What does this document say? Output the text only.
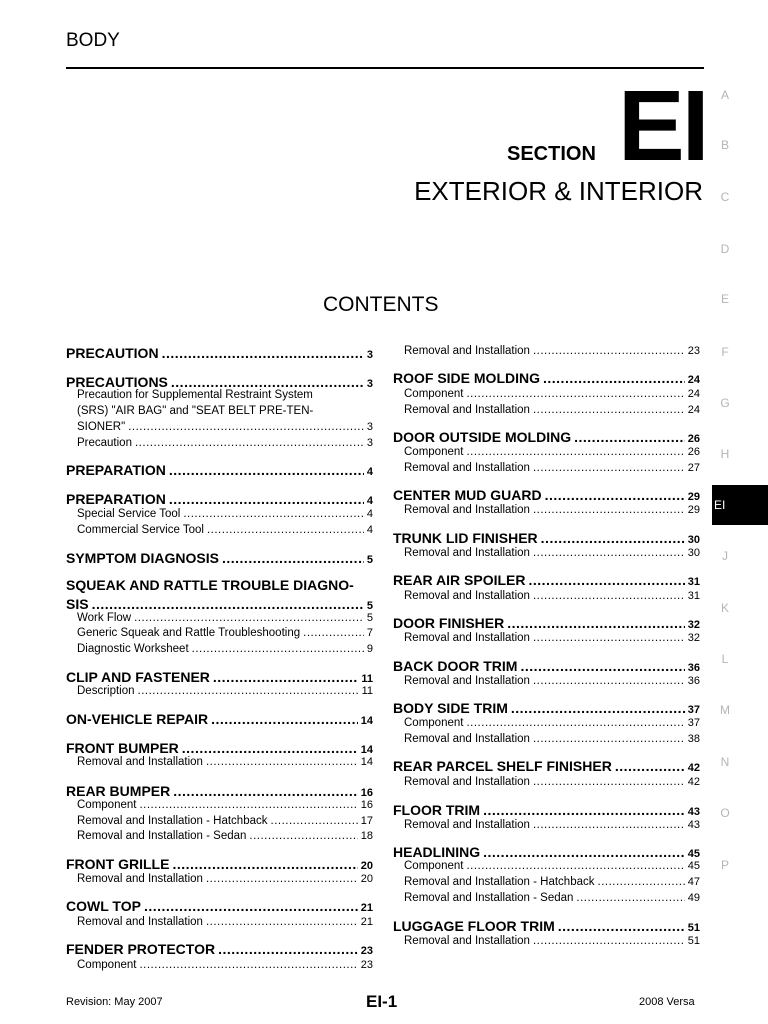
BODY
SECTION EI
EXTERIOR & INTERIOR
CONTENTS
A
B
C
D
E
F
G
H
EI
J
K
L
M
N
O
P
PRECAUTION .....	3
PRECAUTIONS .....	3
Precaution for Supplemental Restraint System
(SRS) "AIR BAG" and "SEAT BELT PRE-TEN-
SIONER" .....	3
Precaution .....	3
PREPARATION .....	4
PREPARATION .....	4
Special Service Tool .....	4
Commercial Service Tool .....	4
SYMPTOM DIAGNOSIS .....	5
SQUEAK AND RATTLE TROUBLE DIAGNO-
SIS .....	5
Work Flow .....	5
Generic Squeak and Rattle Troubleshooting .....	7
Diagnostic Worksheet .....	9
CLIP AND FASTENER .....	11
Description .....	11
ON-VEHICLE REPAIR .....	14
FRONT BUMPER .....	14
Removal and Installation .....	14
REAR BUMPER .....	16
Component .....	16
Removal and Installation - Hatchback .....	17
Removal and Installation - Sedan .....	18
FRONT GRILLE .....	20
Removal and Installation .....	20
COWL TOP .....	21
Removal and Installation .....	21
FENDER PROTECTOR .....	23
Component .....	23
Removal and Installation .....	23
ROOF SIDE MOLDING .....	24
Component .....	24
Removal and Installation .....	24
DOOR OUTSIDE MOLDING .....	26
Component .....	26
Removal and Installation .....	27
CENTER MUD GUARD .....	29
Removal and Installation .....	29
TRUNK LID FINISHER .....	30
Removal and Installation .....	30
REAR AIR SPOILER .....	31
Removal and Installation .....	31
DOOR FINISHER .....	32
Removal and Installation .....	32
BACK DOOR TRIM .....	36
Removal and Installation .....	36
BODY SIDE TRIM .....	37
Component .....	37
Removal and Installation .....	38
REAR PARCEL SHELF FINISHER .....	42
Removal and Installation .....	42
FLOOR TRIM .....	43
Removal and Installation .....	43
HEADLINING .....	45
Component .....	45
Removal and Installation - Hatchback .....	47
Removal and Installation - Sedan .....	49
LUGGAGE FLOOR TRIM .....	51
Removal and Installation .....	51
Revision: May 2007	EI-1	2008 Versa
